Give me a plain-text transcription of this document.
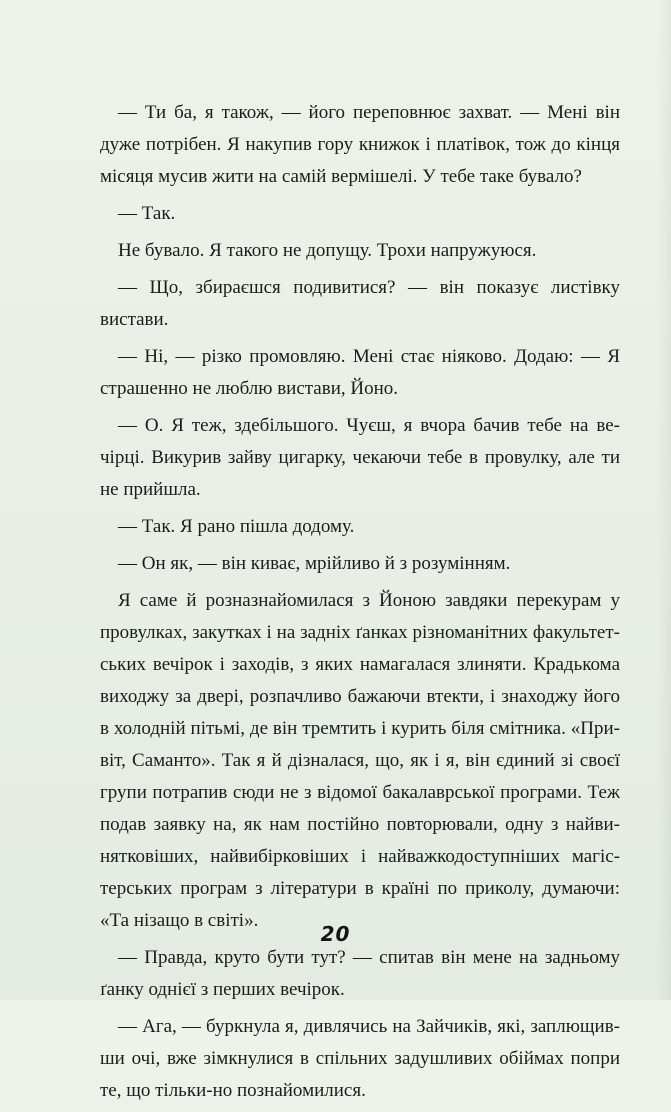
— Ти ба, я також, — його переповнює захват. — Мені він дуже потрібен. Я накупив гору книжок і платівок, тож до кінця місяця мусив жити на самій вермішелі. У тебе таке бувало?

— Так.

Не бувало. Я такого не допущу. Трохи напружуюся.

— Що, збираєшся подивитися? — він показує листівку вистави.

— Ні, — різко промовляю. Мені стає ніяково. Додаю: — Я страшенно не люблю вистави, Йоно.

— О. Я теж, здебільшого. Чуєш, я вчора бачив тебе на вечірці. Викурив зайву цигарку, чекаючи тебе в провулку, але ти не прийшла.

— Так. Я рано пішла додому.

— Он як, — він киває, мрійливо й з розумінням.

Я саме й розназнайомилася з Йоною завдяки перекурам у провулках, закутках і на задніх ґанках різноманітних факультетських вечірок і заходів, з яких намагалася злиняти. Крадькома виходжу за двері, розпачливо бажаючи втекти, і знаходжу його в холодній пітьмі, де він тремтить і курить біля смітника. «Привіт, Саманто». Так я й дізналася, що, як і я, він єдиний зі своєї групи потрапив сюди не з відомої бакалаврської програми. Теж подав заявку на, як нам постійно повторювали, одну з найвинятковіших, найвибірковіших і найважкодоступніших магістерських програм з літератури в країні по приколу, думаючи: «Та нізащо в світі».

— Правда, круто бути тут? — спитав він мене на задньому ґанку однієї з перших вечірок.

— Ага, — буркнула я, дивлячись на Зайчиків, які, заплющивши очі, вже зімкнулися в спільних задушливих обіймах попри те, що тільки-но познайомилися.

20
